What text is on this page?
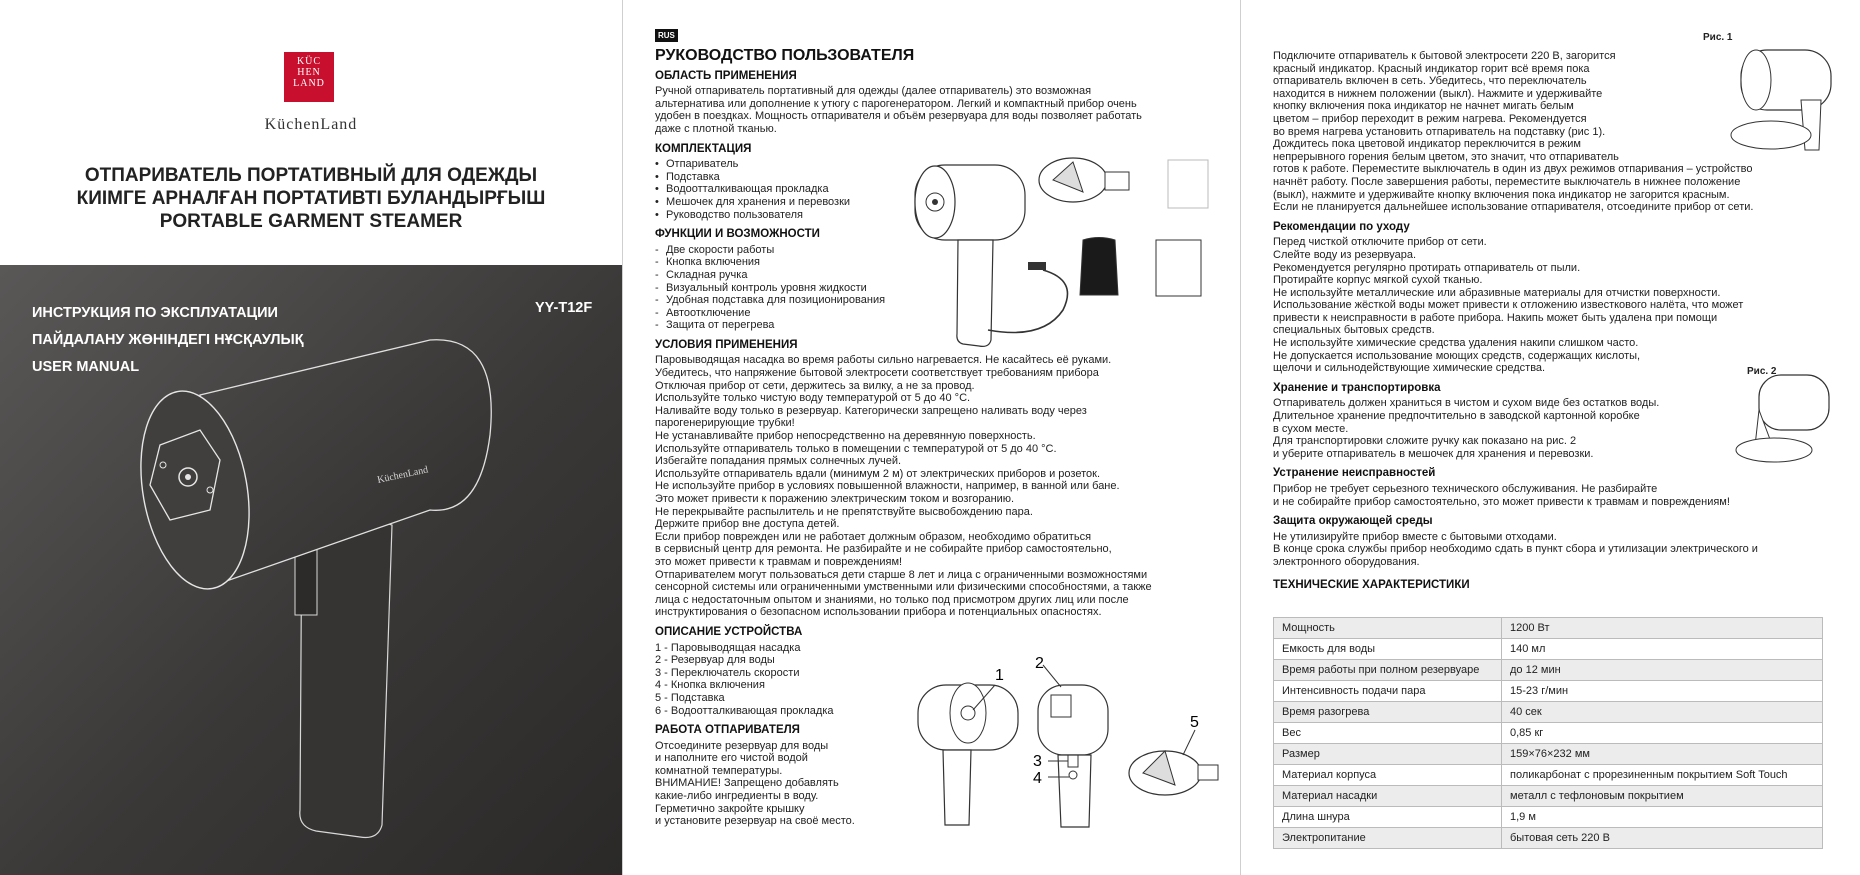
KÜC
HEN
LAND
KüchenLand
ОТПАРИВАТЕЛЬ ПОРТАТИВНЫЙ ДЛЯ ОДЕЖДЫ
КИІМГЕ АРНАЛҒАН ПОРТАТИВТІ БУЛАНДЫРҒЫШ
PORTABLE GARMENT STEAMER
KüchenLand
ИНСТРУКЦИЯ ПО ЭКСПЛУАТАЦИИ
ПАЙДАЛАНУ ЖӨНІНДЕГІ НҰСҚАУЛЫҚ
USER MANUAL
YY-T12F
RUS
РУКОВОДСТВО ПОЛЬЗОВАТЕЛЯ
ОБЛАСТЬ ПРИМЕНЕНИЯ
Ручной отпариватель портативный для одежды (далее отпариватель) это возможная
альтернатива или дополнение к утюгу с парогенератором. Легкий и компактный прибор очень
удобен в поездках. Мощность отпаривателя и объём резервуара для воды позволяет работать
даже с плотной тканью.
КОМПЛЕКТАЦИЯ
• Отпариватель
• Подставка
• Водоотталкивающая прокладка
• Мешочек для хранения и перевозки
• Руководство пользователя
ФУНКЦИИ И ВОЗМОЖНОСТИ
- Две скорости работы
- Кнопка включения
- Складная ручка
- Визуальный контроль уровня жидкости
- Удобная подставка для позиционирования
- Автоотключение
- Защита от перегрева
УСЛОВИЯ ПРИМЕНЕНИЯ
Паровыводящая насадка во время работы сильно нагревается. Не касайтесь её руками.
Убедитесь, что напряжение бытовой электросети соответствует требованиям прибора
Отключая прибор от сети, держитесь за вилку, а не за провод.
Используйте только чистую воду температурой от 5 до 40 °С.
Наливайте воду только в резервуар. Категорически запрещено наливать воду через
парогенерирующие трубки!
Не устанавливайте прибор непосредственно на деревянную поверхность.
Используйте отпариватель только в помещении с температурой от 5 до 40 °С.
Избегайте попадания прямых солнечных лучей.
Используйте отпариватель вдали (минимум 2 м) от электрических приборов и розеток.
Не используйте прибор в условиях повышенной влажности, например, в ванной или бане.
Это может привести к поражению электрическим током и возгоранию.
Не перекрывайте распылитель и не препятствуйте высвобождению пара.
Держите прибор вне доступа детей.
Если прибор поврежден или не работает должным образом, необходимо обратиться
в сервисный центр для ремонта. Не разбирайте и не собирайте прибор самостоятельно,
это может привести к травмам и повреждениям!
Отпаривателем могут пользоваться дети старше 8 лет и лица с ограниченными возможностями
сенсорной системы или ограниченными умственными или физическими способностями, а также
лица с недостаточным опытом и знаниями, но только под присмотром других лиц или после
инструктирования о безопасном использовании прибора и потенциальных опасностях.
ОПИСАНИЕ УСТРОЙСТВА
1 - Паровыводящая насадка
2 - Резервуар для воды
3 - Переключатель скорости
4 - Кнопка включения
5 - Подставка
6 - Водоотталкивающая прокладка
РАБОТА ОТПАРИВАТЕЛЯ
Отсоедините резервуар для воды
и наполните его чистой водой
комнатной температуры.
ВНИМАНИЕ! Запрещено добавлять
какие-либо ингредиенты в воду.
Герметично закройте крышку
и установите резервуар на своё место.
1
2
3
4
5
Рис. 1
Рис. 2
Подключите отпариватель к бытовой электросети 220 В, загорится
красный индикатор. Красный индикатор горит всё время пока
отпариватель включен в сеть. Убедитесь, что переключатель
находится в нижнем положении (выкл). Нажмите и удерживайте
кнопку включения пока индикатор не начнет мигать белым
цветом – прибор переходит в режим нагрева. Рекомендуется
во время нагрева установить отпариватель на подставку (рис 1).
Дождитесь пока цветовой индикатор переключится в режим
непрерывного горения белым цветом, это значит, что отпариватель
готов к работе. Переместите выключатель в один из двух режимов отпаривания – устройство
начнёт работу. После завершения работы, переместите выключатель в нижнее положение
(выкл), нажмите и удерживайте кнопку включения пока индикатор не загорится красным.
Если не планируется дальнейшее использование отпаривателя, отсоедините прибор от сети.
Рекомендации по уходу
Перед чисткой отключите прибор от сети.
Слейте воду из резервуара.
Рекомендуется регулярно протирать отпариватель от пыли.
Протирайте корпус мягкой сухой тканью.
Не используйте металлические или абразивные материалы для отчистки поверхности.
Использование жёсткой воды может привести к отложению известкового налёта, что может
привести к неисправности в работе прибора. Накипь может быть удалена при помощи
специальных бытовых средств.
Не используйте химические средства удаления накипи слишком часто.
Не допускается использование моющих средств, содержащих кислоты,
щелочи и сильнодействующие химические средства.
Хранение и транспортировка
Отпариватель должен храниться в чистом и сухом виде без остатков воды.
Длительное хранение предпочтительно в заводской картонной коробке
в сухом месте.
Для транспортировки сложите ручку как показано на рис. 2
и уберите отпариватель в мешочек для хранения и перевозки.
Устранение неисправностей
Прибор не требует серьезного технического обслуживания. Не разбирайте
и не собирайте прибор самостоятельно, это может привести к травмам и повреждениям!
Защита окружающей среды
Не утилизируйте прибор вместе с бытовыми отходами.
В конце срока службы прибор необходимо сдать в пункт сбора и утилизации электрического и
электронного оборудования.
ТЕХНИЧЕСКИЕ ХАРАКТЕРИСТИКИ
Мощность	1200 Вт
Емкость для воды	140 мл
Время работы при полном резервуаре	до 12 мин
Интенсивность подачи пара	15-23 г/мин
Время разогрева	40 сек
Вес	0,85 кг
Размер	159×76×232 мм
Материал корпуса	поликарбонат с прорезиненным покрытием Soft Touch
Материал насадки	металл с тефлоновым покрытием
Длина шнура	1,9 м
Электропитание	бытовая сеть 220 В
